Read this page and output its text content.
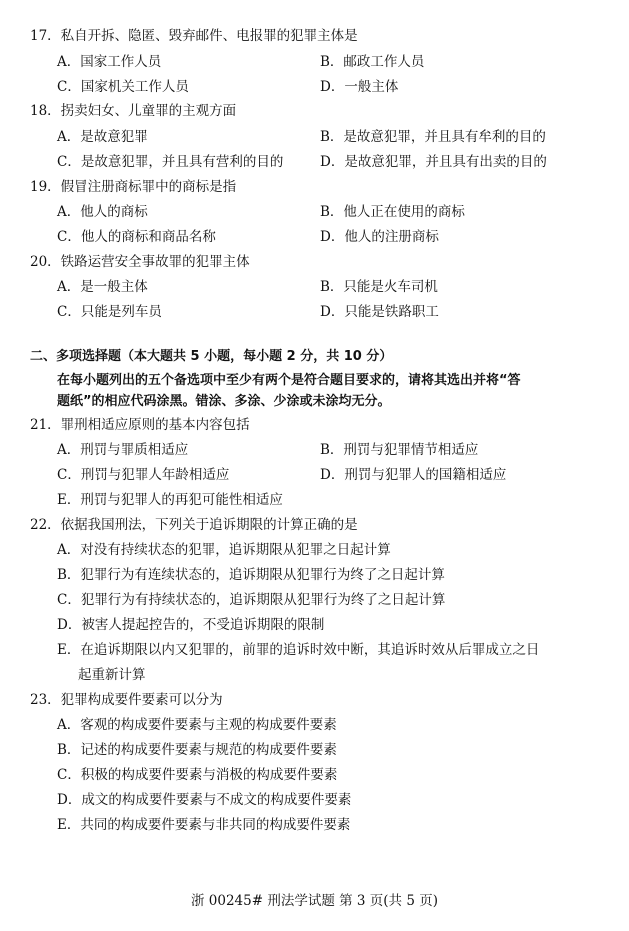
17．私自开拆、隐匿、毁弃邮件、电报罪的犯罪主体是
A．国家工作人员	B．邮政工作人员
C．国家机关工作人员	D．一般主体
18．拐卖妇女、儿童罪的主观方面
A．是故意犯罪	B．是故意犯罪，并且具有牟利的目的
C．是故意犯罪，并且具有营利的目的	D．是故意犯罪，并且具有出卖的目的
19．假冒注册商标罪中的商标是指
A．他人的商标	B．他人正在使用的商标
C．他人的商标和商品名称	D．他人的注册商标
20．铁路运营安全事故罪的犯罪主体
A．是一般主体	B．只能是火车司机
C．只能是列车员	D．只能是铁路职工
二、多项选择题（本大题共 5 小题，每小题 2 分，共 10 分）
在每小题列出的五个备选项中至少有两个是符合题目要求的，请将其选出并将“答
题纸”的相应代码涂黑。错涂、多涂、少涂或未涂均无分。
21．罪刑相适应原则的基本内容包括
A．刑罚与罪质相适应	B．刑罚与犯罪情节相适应
C．刑罚与犯罪人年龄相适应	D．刑罚与犯罪人的国籍相适应
E．刑罚与犯罪人的再犯可能性相适应
22．依据我国刑法，下列关于追诉期限的计算正确的是
A．对没有持续状态的犯罪，追诉期限从犯罪之日起计算
B．犯罪行为有连续状态的，追诉期限从犯罪行为终了之日起计算
C．犯罪行为有持续状态的，追诉期限从犯罪行为终了之日起计算
D．被害人提起控告的，不受追诉期限的限制
E．在追诉期限以内又犯罪的，前罪的追诉时效中断，其追诉时效从后罪成立之日
起重新计算
23．犯罪构成要件要素可以分为
A．客观的构成要件要素与主观的构成要件要素
B．记述的构成要件要素与规范的构成要件要素
C．积极的构成要件要素与消极的构成要件要素
D．成文的构成要件要素与不成文的构成要件要素
E．共同的构成要件要素与非共同的构成要件要素
浙 00245# 刑法学试题 第 3 页(共 5 页)
